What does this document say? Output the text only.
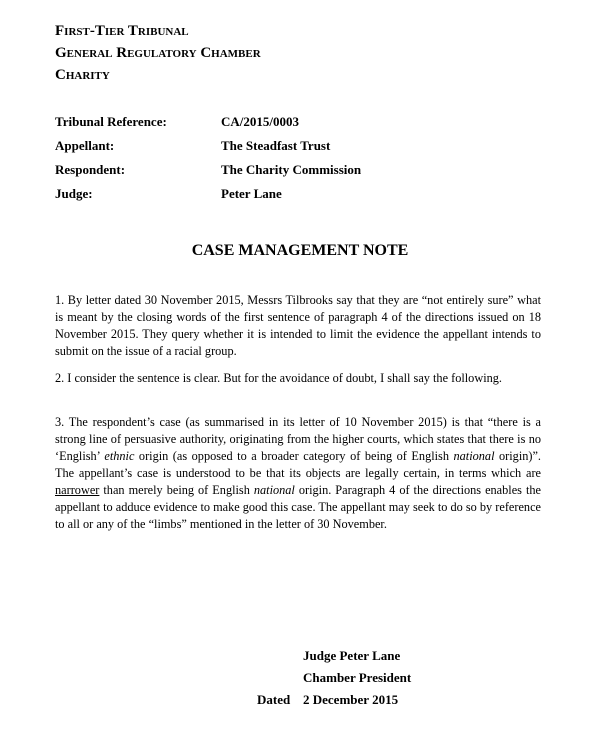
First-Tier Tribunal
General Regulatory Chamber
Charity
Tribunal Reference:	CA/2015/0003
Appellant:	The Steadfast Trust
Respondent:	The Charity Commission
Judge:	Peter Lane
CASE MANAGEMENT NOTE

1. By letter dated 30 November 2015, Messrs Tilbrooks say that they are “not entirely sure” what is meant by the closing words of the first sentence of paragraph 4 of the directions issued on 18 November 2015. They query whether it is intended to limit the evidence the appellant intends to submit on the issue of a racial group.

2. I consider the sentence is clear. But for the avoidance of doubt, I shall say the following.

3. The respondent’s case (as summarised in its letter of 10 November 2015) is that “there is a strong line of persuasive authority, originating from the higher courts, which states that there is no ‘English’ ethnic origin (as opposed to a broader category of being of English national origin)”. The appellant’s case is understood to be that its objects are legally certain, in terms which are narrower than merely being of English national origin. Paragraph 4 of the directions enables the appellant to adduce evidence to make good this case. The appellant may seek to do so by reference to all or any of the “limbs” mentioned in the letter of 30 November.

Judge Peter Lane
Chamber President
Dated 2 December 2015
